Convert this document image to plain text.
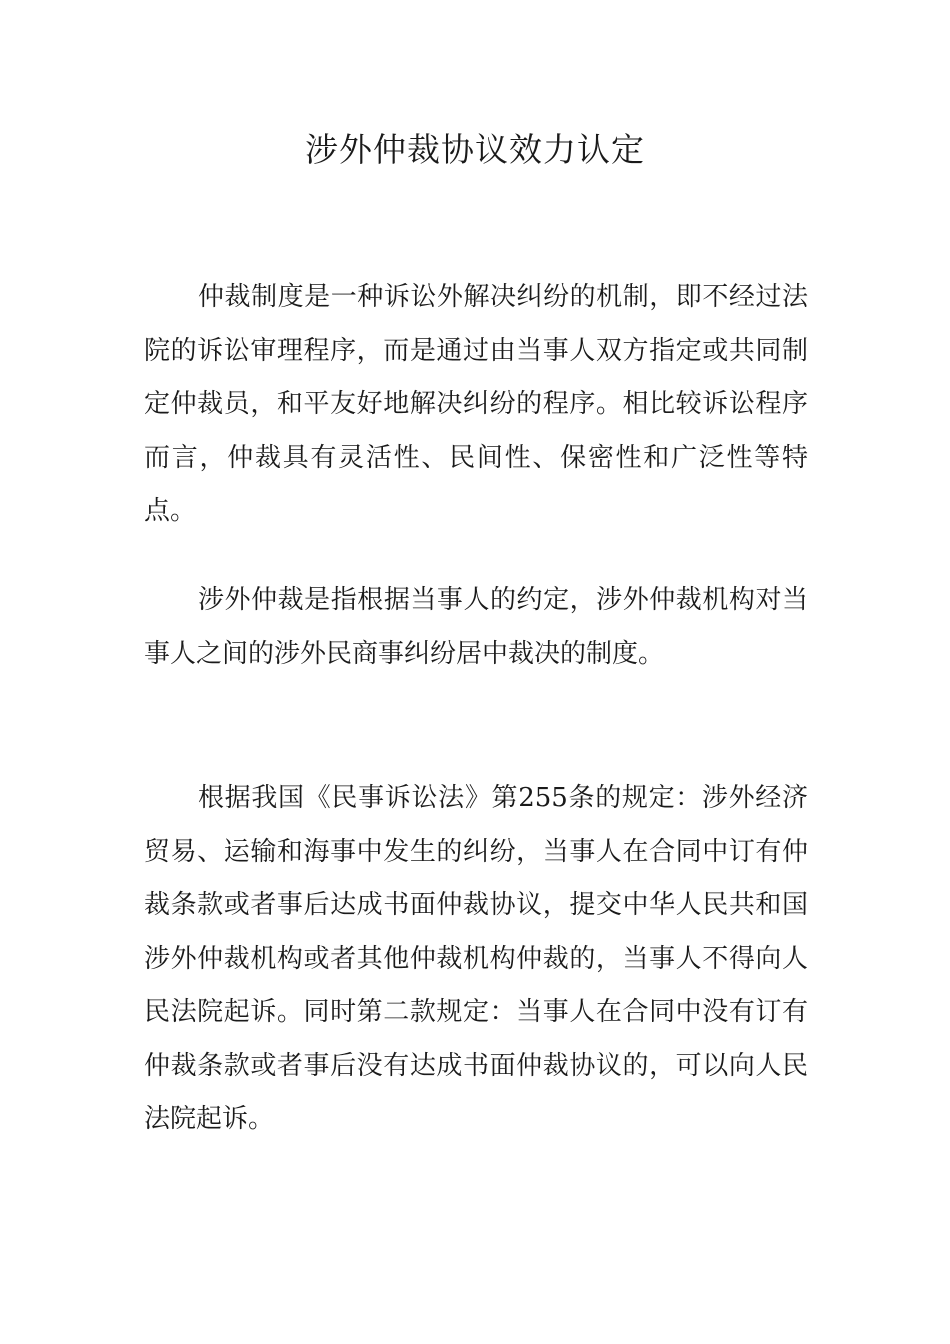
涉外仲裁协议效力认定

仲裁制度是一种诉讼外解决纠纷的机制，即不经过法院的诉讼审理程序，而是通过由当事人双方指定或共同制定仲裁员，和平友好地解决纠纷的程序。相比较诉讼程序而言，仲裁具有灵活性、民间性、保密性和广泛性等特点。

涉外仲裁是指根据当事人的约定，涉外仲裁机构对当事人之间的涉外民商事纠纷居中裁决的制度。

根据我国《民事诉讼法》第255条的规定：涉外经济贸易、运输和海事中发生的纠纷，当事人在合同中订有仲裁条款或者事后达成书面仲裁协议，提交中华人民共和国涉外仲裁机构或者其他仲裁机构仲裁的，当事人不得向人民法院起诉。同时第二款规定：当事人在合同中没有订有仲裁条款或者事后没有达成书面仲裁协议的，可以向人民法院起诉。
